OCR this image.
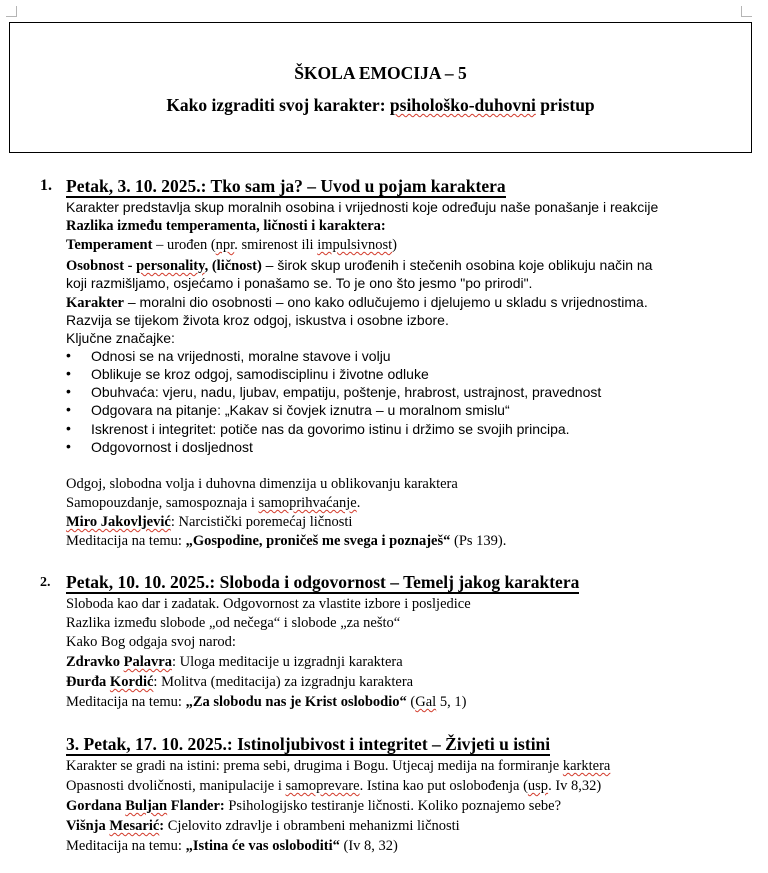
ŠKOLA EMOCIJA – 5
Kako izgraditi svoj karakter: psihološko-duhovni pristup
1. Petak, 3. 10. 2025.: Tko sam ja? – Uvod u pojam karaktera
Karakter predstavlja skup moralnih osobina i vrijednosti koje određuju naše ponašanje i reakcije
Razlika između temperamenta, ličnosti i karaktera:
Temperament – urođen (npr. smirenost ili impulsivnost)
Osobnost - personality, (ličnost) – širok skup urođenih i stečenih osobina koje oblikuju način na
koji razmišljamo, osjećamo i ponašamo se. To je ono što jesmo "po prirodi".
Karakter – moralni dio osobnosti – ono kako odlučujemo i djelujemo u skladu s vrijednostima.
Razvija se tijekom života kroz odgoj, iskustva i osobne izbore.
Ključne značajke:
• Odnosi se na vrijednosti, moralne stavove i volju
• Oblikuje se kroz odgoj, samodisciplinu i životne odluke
• Obuhvaća: vjeru, nadu, ljubav, empatiju, poštenje, hrabrost, ustrajnost, pravednost
• Odgovara na pitanje: „Kakav si čovjek iznutra – u moralnom smislu“
• Iskrenost i integritet: potiče nas da govorimo istinu i držimo se svojih principa.
• Odgovornost i dosljednost
Odgoj, slobodna volja i duhovna dimenzija u oblikovanju karaktera
Samopouzdanje, samospoznaja i samoprihvaćanje.
Miro Jakovljević: Narcistički poremećaj ličnosti
Meditacija na temu: „Gospodine, proničeš me svega i poznaješ“ (Ps 139).
2. Petak, 10. 10. 2025.: Sloboda i odgovornost – Temelj jakog karaktera
Sloboda kao dar i zadatak. Odgovornost za vlastite izbore i posljedice
Razlika između slobode „od nečega“ i slobode „za nešto“
Kako Bog odgaja svoj narod:
Zdravko Palavra: Uloga meditacije u izgradnji karaktera
Đurđa Kordić: Molitva (meditacija) za izgradnju karaktera
Meditacija na temu: „Za slobodu nas je Krist oslobodio“ (Gal 5, 1)
3. Petak, 17. 10. 2025.: Istinoljubivost i integritet – Živjeti u istini
Karakter se gradi na istini: prema sebi, drugima i Bogu. Utjecaj medija na formiranje karktera
Opasnosti dvoličnosti, manipulacije i samoprevare. Istina kao put oslobođenja (usp. Iv 8,32)
Gordana Buljan Flander: Psihologijsko testiranje ličnosti. Koliko poznajemo sebe?
Višnja Mesarić: Cjelovito zdravlje i obrambeni mehanizmi ličnosti
Meditacija na temu: „Istina će vas osloboditi“ (Iv 8, 32)
